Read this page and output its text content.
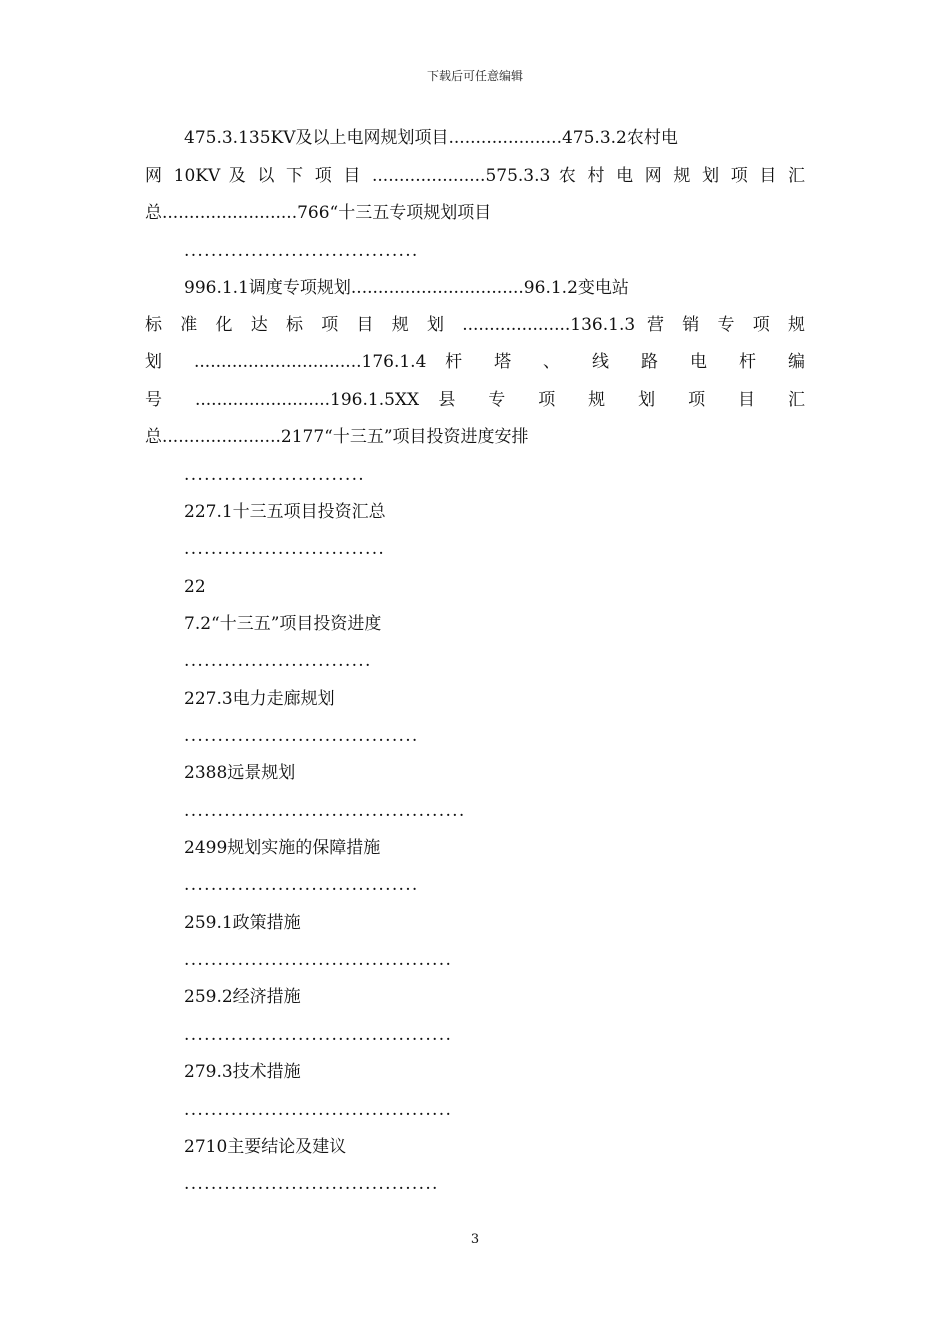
下载后可任意编辑
475.3.135KV及以上电网规划项目.....................475.3.2农村电
网 10KV 及 以 下 项 目 .....................575.3.3 农 村 电 网 规 划 项 目 汇
总.........................766“十三五专项规划项目
...................................
996.1.1调度专项规划................................96.1.2变电站
标 准 化 达 标 项 目 规 划 ....................136.1.3 营 销 专 项 规
划 ...............................176.1.4 杆 塔 、 线 路 电 杆 编
号 .........................196.1.5XX 县 专 项 规 划 项 目 汇
总......................2177“十三五”项目投资进度安排
...........................
227.1十三五项目投资汇总
..............................
22
7.2“十三五”项目投资进度
............................
227.3电力走廊规划
...................................
2388远景规划
..........................................
2499规划实施的保障措施
...................................
259.1政策措施
........................................
259.2经济措施
........................................
279.3技术措施
........................................
2710主要结论及建议
......................................
3
